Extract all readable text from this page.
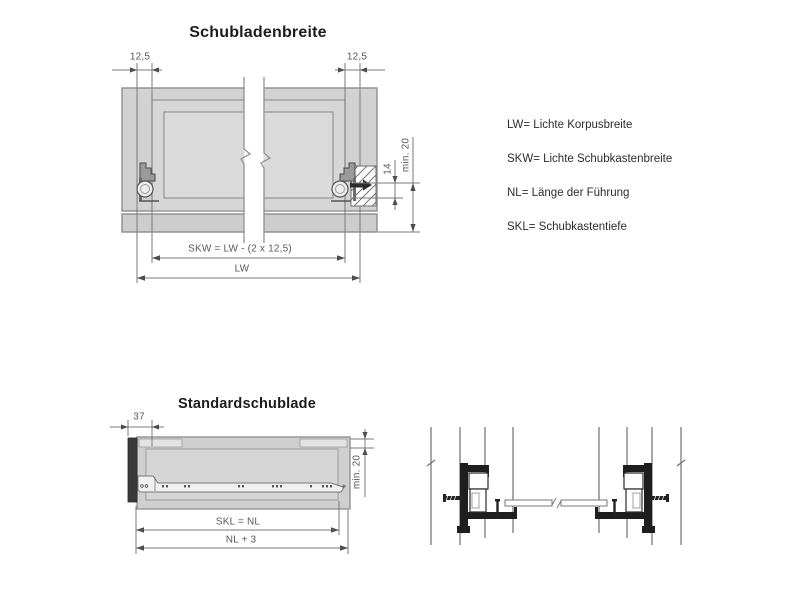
Schubladenbreite
12,5	12,5
14 min. 20
SKW = LW - (2 x 12,5)
LW
LW= Lichte Korpusbreite
SKW= Lichte Schubkastenbreite
NL= Länge der Führung
SKL= Schubkastentiefe
Standardschublade
37
min. 20
SKL = NL
NL + 3
